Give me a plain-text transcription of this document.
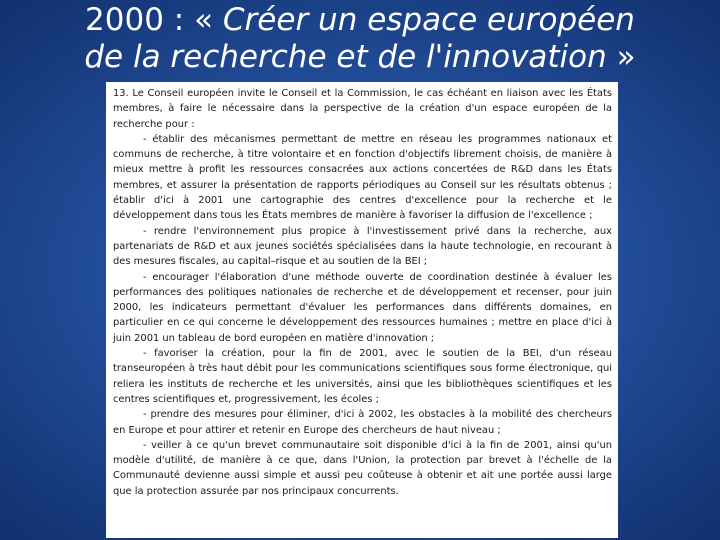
2000 : « Créer un espace européen
de la recherche et de l'innovation »

13. Le Conseil européen invite le Conseil et la Commission, le cas échéant en liaison avec les États membres, à faire le nécessaire dans la perspective de la création d'un espace européen de la recherche pour :

- établir des mécanismes permettant de mettre en réseau les programmes nationaux et communs de recherche, à titre volontaire et en fonction d'objectifs librement choisis, de manière à mieux mettre à profit les ressources consacrées aux actions concertées de R&D dans les États membres, et assurer la présentation de rapports périodiques au Conseil sur les résultats obtenus ; établir d'ici à 2001 une cartographie des centres d'excellence pour la recherche et le développement dans tous les États membres de manière à favoriser la diffusion de l'excellence ;

- rendre l'environnement plus propice à l'investissement privé dans la recherche, aux partenariats de R&D et aux jeunes sociétés spécialisées dans la haute technologie, en recourant à des mesures fiscales, au capital–risque et au soutien de la BEI ;

- encourager l'élaboration d'une méthode ouverte de coordination destinée à évaluer les performances des politiques nationales de recherche et de développement et recenser, pour juin 2000, les indicateurs permettant d'évaluer les performances dans différents domaines, en particulier en ce qui concerne le développement des ressources humaines ; mettre en place d'ici à juin 2001 un tableau de bord européen en matière d'innovation ;

- favoriser la création, pour la fin de 2001, avec le soutien de la BEI, d'un réseau transeuropéen à très haut débit pour les communications scientifiques sous forme électronique, qui reliera les instituts de recherche et les universités, ainsi que les bibliothèques scientifiques et les centres scientifiques et, progressivement, les écoles ;

- prendre des mesures pour éliminer, d'ici à 2002, les obstacles à la mobilité des chercheurs en Europe et pour attirer et retenir en Europe des chercheurs de haut niveau ;

- veiller à ce qu'un brevet communautaire soit disponible d'ici à la fin de 2001, ainsi qu'un modèle d'utilité, de manière à ce que, dans l'Union, la protection par brevet à l'échelle de la Communauté devienne aussi simple et aussi peu coûteuse à obtenir et ait une portée aussi large que la protection assurée par nos principaux concurrents.
